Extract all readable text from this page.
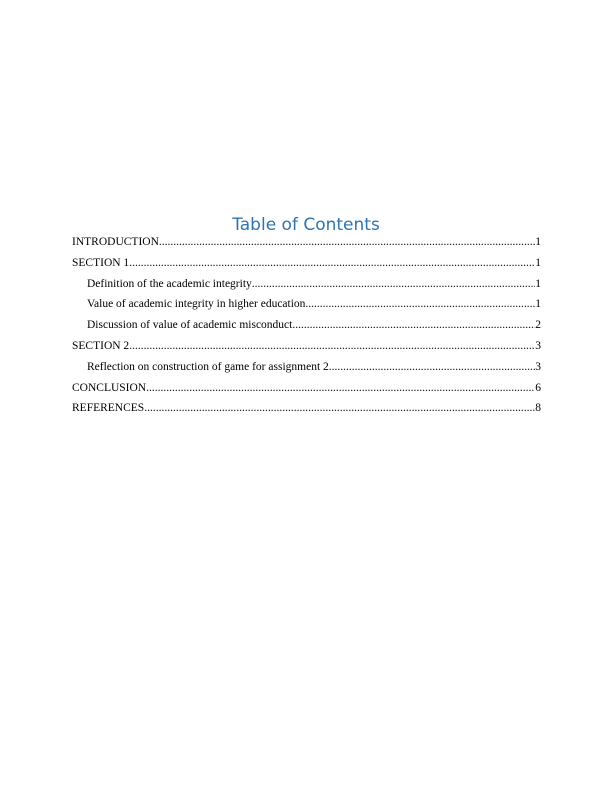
Table of Contents
INTRODUCTION .....	1
SECTION 1 .....	1
Definition of the academic integrity .....	1
Value of academic integrity in higher education .....	1
Discussion of value of academic misconduct .....	2
SECTION 2 .....	3
Reflection on construction of game for assignment 2 .....	3
CONCLUSION .....	6
REFERENCES .....	8
